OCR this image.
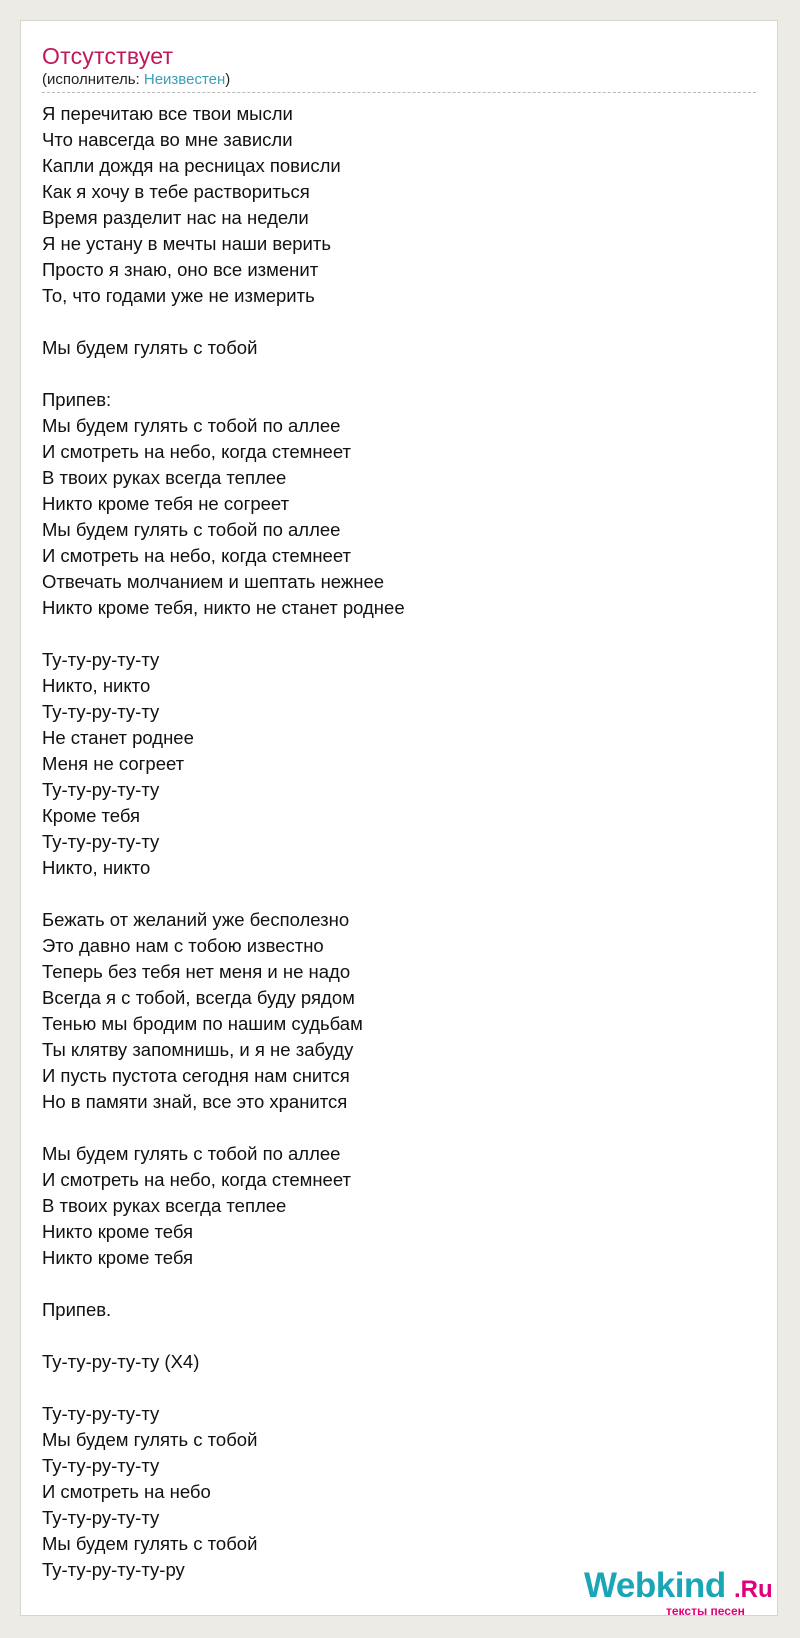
Отсутствует
(исполнитель: Неизвестен)
Я перечитаю все твои мысли
Что навсегда во мне зависли
Капли дождя на ресницах повисли
Как я хочу в тебе раствориться
Время разделит нас на недели
Я не устану в мечты наши верить
Просто я знаю, оно все изменит
То, что годами уже не измерить
Мы будем гулять с тобой
Припев:
Мы будем гулять с тобой по аллее
И смотреть на небо, когда стемнеет
В твоих руках всегда теплее
Никто кроме тебя не согреет
Мы будем гулять с тобой по аллее
И смотреть на небо, когда стемнеет
Отвечать молчанием и шептать нежнее
Никто кроме тебя, никто не станет роднее
Ту-ту-ру-ту-ту
Никто, никто
Ту-ту-ру-ту-ту
Не станет роднее
Меня не согреет
Ту-ту-ру-ту-ту
Кроме тебя
Ту-ту-ру-ту-ту
Никто, никто
Бежать от желаний уже бесполезно
Это давно нам с тобою известно
Теперь без тебя нет меня и не надо
Всегда я с тобой, всегда буду рядом
Тенью мы бродим по нашим судьбам
Ты клятву запомнишь, и я не забуду
И пусть пустота сегодня нам снится
Но в памяти знай, все это хранится
Мы будем гулять с тобой по аллее
И смотреть на небо, когда стемнеет
В твоих руках всегда теплее
Никто кроме тебя
Никто кроме тебя
Припев.
Ту-ту-ру-ту-ту (Х4)
Ту-ту-ру-ту-ту
Мы будем гулять с тобой
Ту-ту-ру-ту-ту
И смотреть на небо
Ту-ту-ру-ту-ту
Мы будем гулять с тобой
Ту-ту-ру-ту-ту-ру	Webkind .Ru
тексты песен
